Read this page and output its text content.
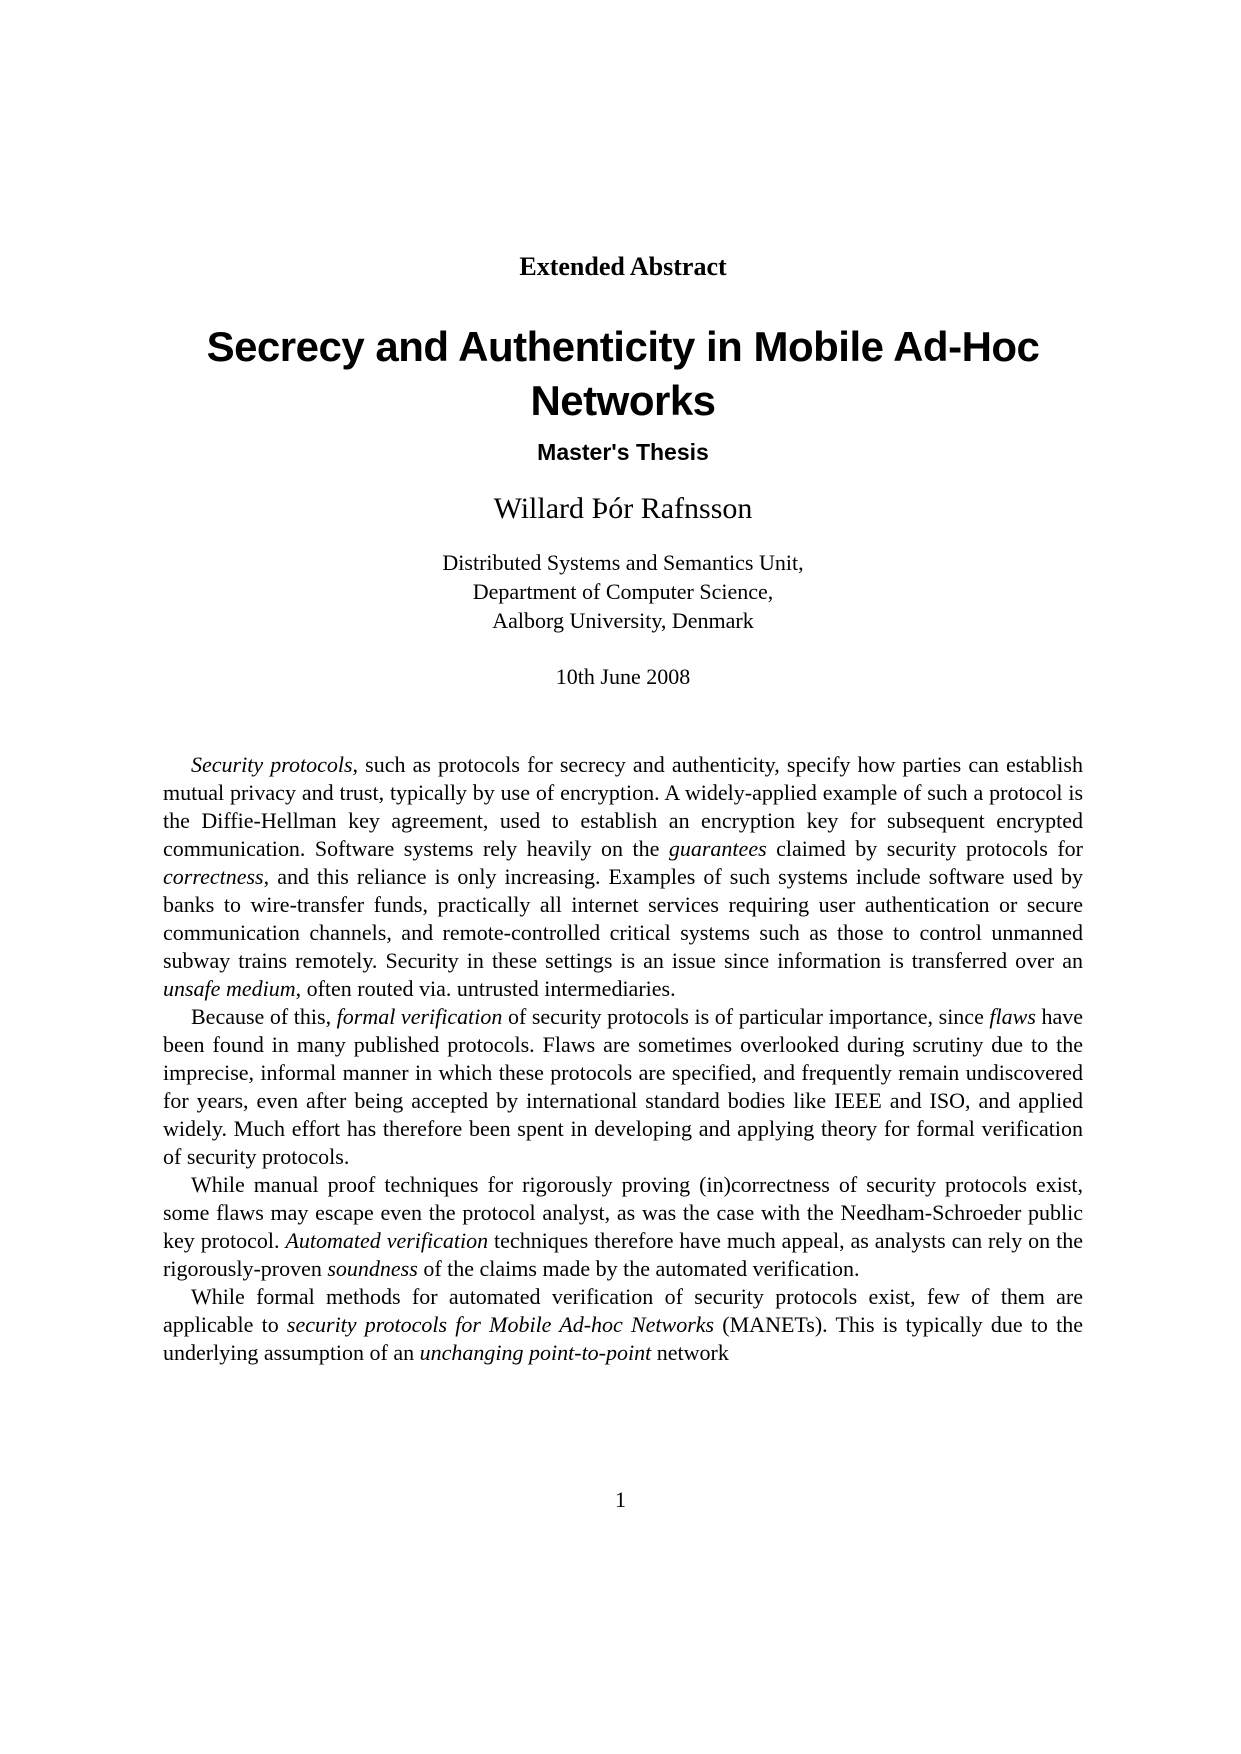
Extended Abstract
Secrecy and Authenticity in Mobile Ad-Hoc Networks
Master's Thesis
Willard Þór Rafnsson
Distributed Systems and Semantics Unit,
Department of Computer Science,
Aalborg University, Denmark
10th June 2008

Security protocols, such as protocols for secrecy and authenticity, specify how parties can establish mutual privacy and trust, typically by use of encryption. A widely-applied example of such a protocol is the Diffie-Hellman key agreement, used to establish an encryption key for subsequent encrypted communication. Software systems rely heavily on the guarantees claimed by security protocols for correctness, and this reliance is only increasing. Examples of such systems include software used by banks to wire-transfer funds, practically all internet services requiring user authentication or secure communication channels, and remote-controlled critical systems such as those to control unmanned subway trains remotely. Security in these settings is an issue since information is transferred over an unsafe medium, often routed via. untrusted intermediaries.

Because of this, formal verification of security protocols is of particular importance, since flaws have been found in many published protocols. Flaws are sometimes overlooked during scrutiny due to the imprecise, informal manner in which these protocols are specified, and frequently remain undiscovered for years, even after being accepted by international standard bodies like IEEE and ISO, and applied widely. Much effort has therefore been spent in developing and applying theory for formal verification of security protocols.

While manual proof techniques for rigorously proving (in)correctness of security protocols exist, some flaws may escape even the protocol analyst, as was the case with the Needham-Schroeder public key protocol. Automated verification techniques therefore have much appeal, as analysts can rely on the rigorously-proven soundness of the claims made by the automated verification.

While formal methods for automated verification of security protocols exist, few of them are applicable to security protocols for Mobile Ad-hoc Networks (MANETs). This is typically due to the underlying assumption of an unchanging point-to-point network

1
